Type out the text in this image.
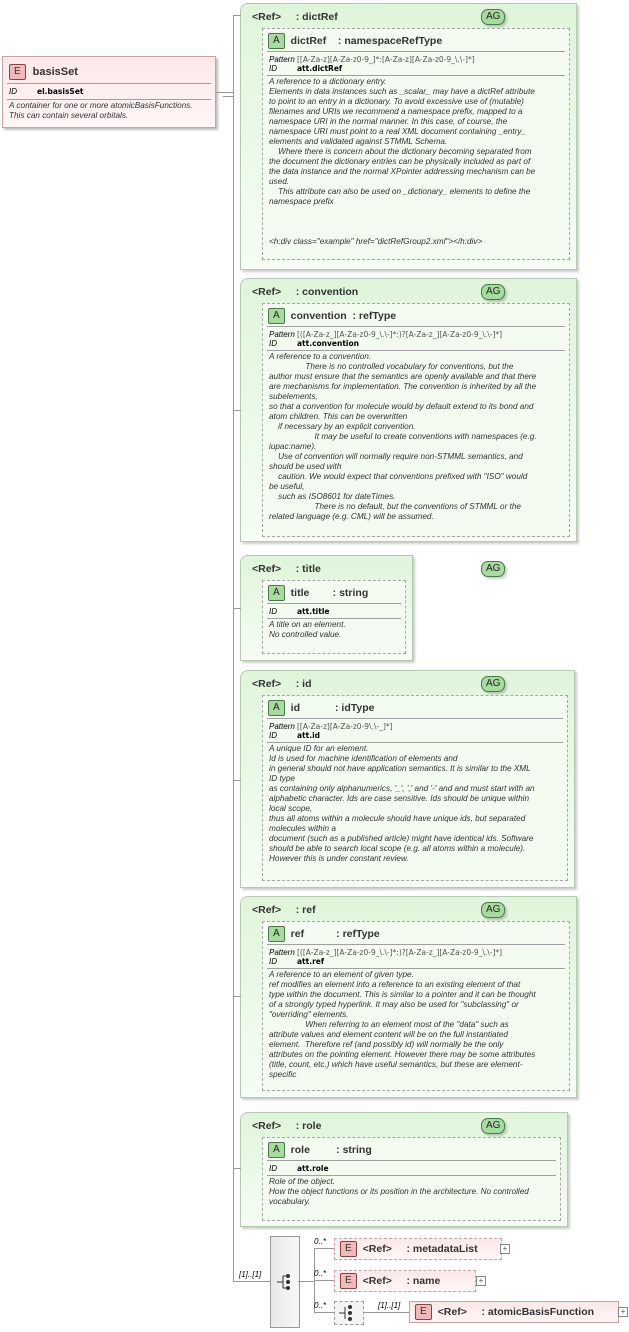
E	basisSet
ID	el.basisSet
A container for one or more atomicBasisFunctions.
This can contain several orbitals.
AG
<Ref>     : dictRef
A	dictRef    : namespaceRefType
Pattern [[A-Za-z][A-Za-z0-9_]*:[A-Za-z][A-Za-z0-9_\.\-]*]
ID	att.dictRef
A reference to a dictionary entry.
Elements in data instances such as _scalar_ may have a dictRef attribute
to point to an entry in a dictionary. To avoid excessive use of (mutable)
filenames and URIs we recommend a namespace prefix, mapped to a
namespace URI in the normal manner. In this case, of course, the
namespace URI must point to a real XML document containing _entry_
elements and validated against STMML Schema.
Where there is concern about the dictionary becoming separated from
the document the dictionary entries can be physically included as part of
the data instance and the normal XPointer addressing mechanism can be
used.
This attribute can also be used on _dictionary_ elements to define the
namespace prefix

<h:div class="example" href="dictRefGroup2.xml"></h:div>
AG
<Ref>     : convention
A	convention  : refType
Pattern [([A-Za-z_][A-Za-z0-9_\.\-]*:)?[A-Za-z_][A-Za-z0-9_\.\-]*]
ID	att.convention
A reference to a convention.
There is no controlled vocabulary for conventions, but the
author must ensure that the semantics are openly available and that there
are mechanisms for implementation. The convention is inherited by all the
subelements,
so that a convention for molecule would by default extend to its bond and
atom children. This can be overwritten
if necessary by an explicit convention.
It may be useful to create conventions with namespaces (e.g.
iupac:name).
Use of convention will normally require non-STMML semantics, and
should be used with
caution. We would expect that conventions prefixed with "ISO" would
be useful,
such as ISO8601 for dateTimes.
There is no default, but the conventions of STMML or the
related language (e.g. CML) will be assumed.
AG
<Ref>     : title
A	title        : string
ID	att.title
A title on an element.
No controlled value.
AG
<Ref>     : id
A	id            : idType
Pattern [[A-Za-z][A-Za-z0-9\.\-_]*]
ID	att.id
A unique ID for an element.
Id is used for machine identification of elements and
in general should not have application semantics. It is similar to the XML
ID type
as containing only alphanumerics, '_', ',' and '-' and and must start with an
alphabetic character. Ids are case sensitive. Ids should be unique within
local scope,
thus all atoms within a molecule should have unique ids, but separated
molecules within a
document (such as a published article) might have identical ids. Software
should be able to search local scope (e.g. all atoms within a molecule).
However this is under constant review.
AG
<Ref>     : ref
A	ref           : refType
Pattern [([A-Za-z_][A-Za-z0-9_\.\-]*:)?[A-Za-z_][A-Za-z0-9_\.\-]*]
ID	att.ref
A reference to an element of given type.
ref modifies an element into a reference to an existing element of that
type within the document. This is similar to a pointer and it can be thought
of a strongly typed hyperlink. It may also be used for "subclassing" or
"overriding" elements.
When referring to an element most of the "data" such as
attribute values and element content will be on the full instantiated
element.  Therefore ref (and possibly id) will normally be the only
attributes on the pointing element. However there may be some attributes
(title, count, etc.) which have useful semantics, but these are element-
specific
AG
<Ref>     : role
A	role         : string
ID	att.role
Role of the object.
How the object functions or its position in the architecture. No controlled
vocabulary.
[1]..[1]
0..*
E	<Ref>     : metadataList	+
0..*
E	<Ref>     : name	+
0..*	[1]..[1]
E	<Ref>     : atomicBasisFunction	+
